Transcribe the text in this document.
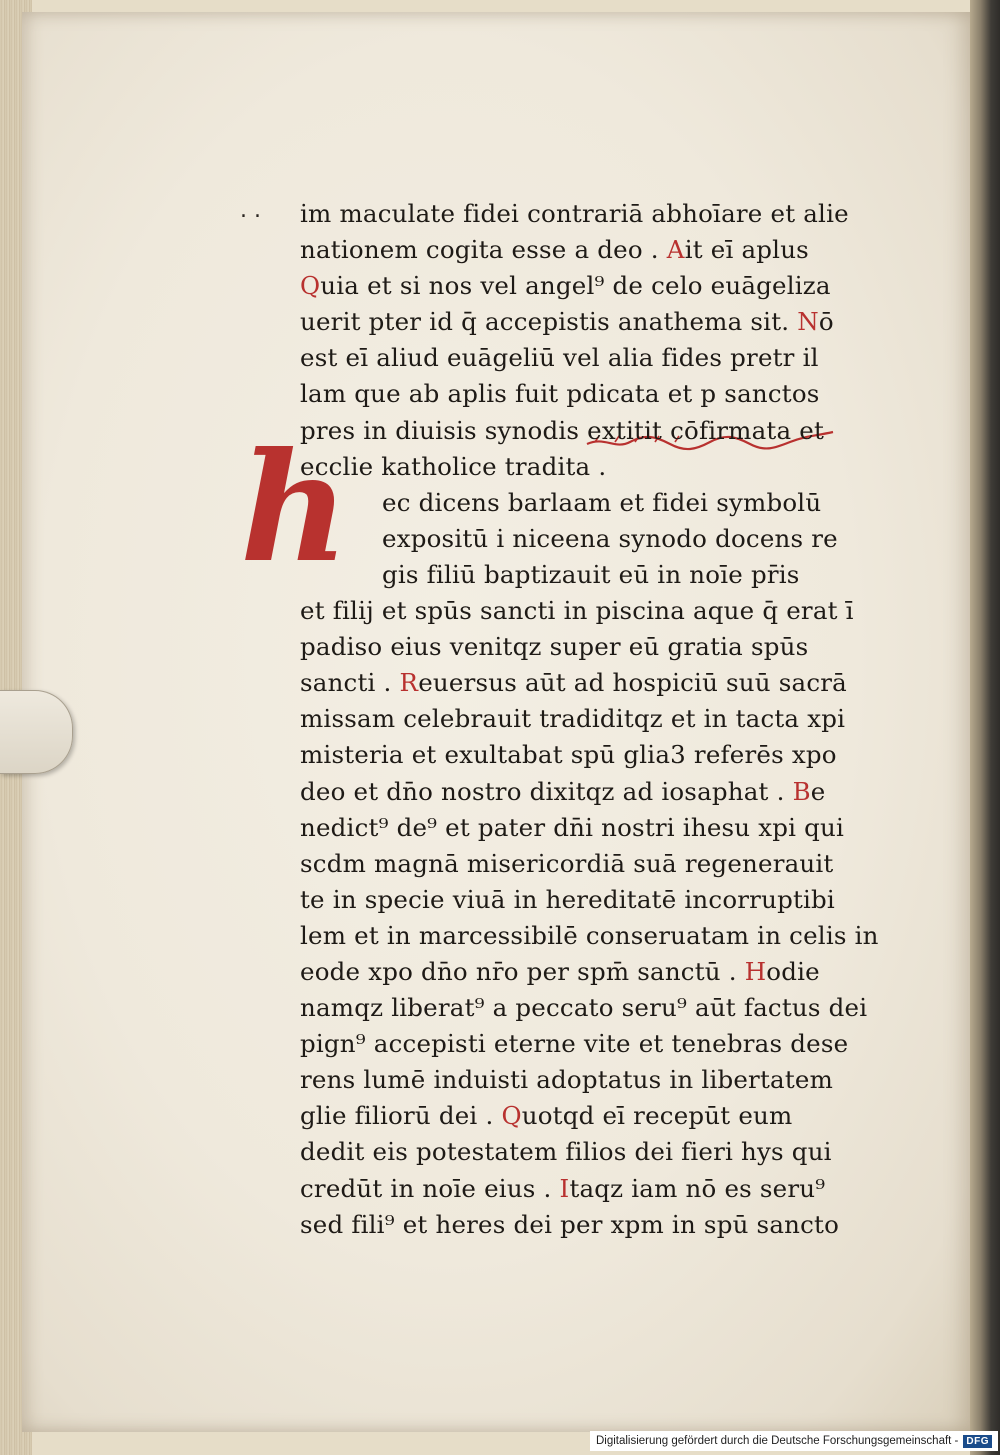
. .
h
im maculate fidei contrariā abhoīare et alie
nationem cogita esse a deo . Ait eī aplus
Quia et si nos vel angel⁹ de celo euāgeliza
uerit pter id q̄ accepistis anathema sit. Nō
est eī aliud euāgeliū vel alia fides pretr il
lam que ab aplis fuit pdicata et p sanctos
pres in diuisis synodis extitit cōfirmata et
ecclie katholice tradita .
ec dicens barlaam et fidei symbolū
expositū i niceena synodo docens re
gis filiū baptizauit eū in noīe pr̄is
et filij et spūs sancti in piscina aque q̄ erat ī
padiso eius venitqz super eū gratia spūs
sancti . Reuersus aūt ad hospiciū suū sacrā
missam celebrauit tradiditqz et in tacta xpi
misteria et exultabat spū glia3 referēs xpo
deo et dn̄o nostro dixitqz ad iosaphat . Be
nedict⁹ de⁹ et pater dn̄i nostri ihesu xpi qui
scdm magnā misericordiā suā regenerauit
te in specie viuā in hereditatē incorruptibi
lem et in marcessibilē conseruatam in celis in
eode xpo dn̄o nr̄o per spm̄ sanctū . Hodie
namqz liberat⁹ a peccato seru⁹ aūt factus dei
pign⁹ accepisti eterne vite et tenebras dese
rens lumē induisti adoptatus in libertatem
glie filiorū dei . Quotqd eī recepūt eum
dedit eis potestatem filios dei fieri hys qui
credūt in noīe eius . Itaqz iam nō es seru⁹
sed fili⁹ et heres dei per xpm in spū sancto
Digitalisierung gefördert durch die Deutsche Forschungsgemeinschaft - DFG
